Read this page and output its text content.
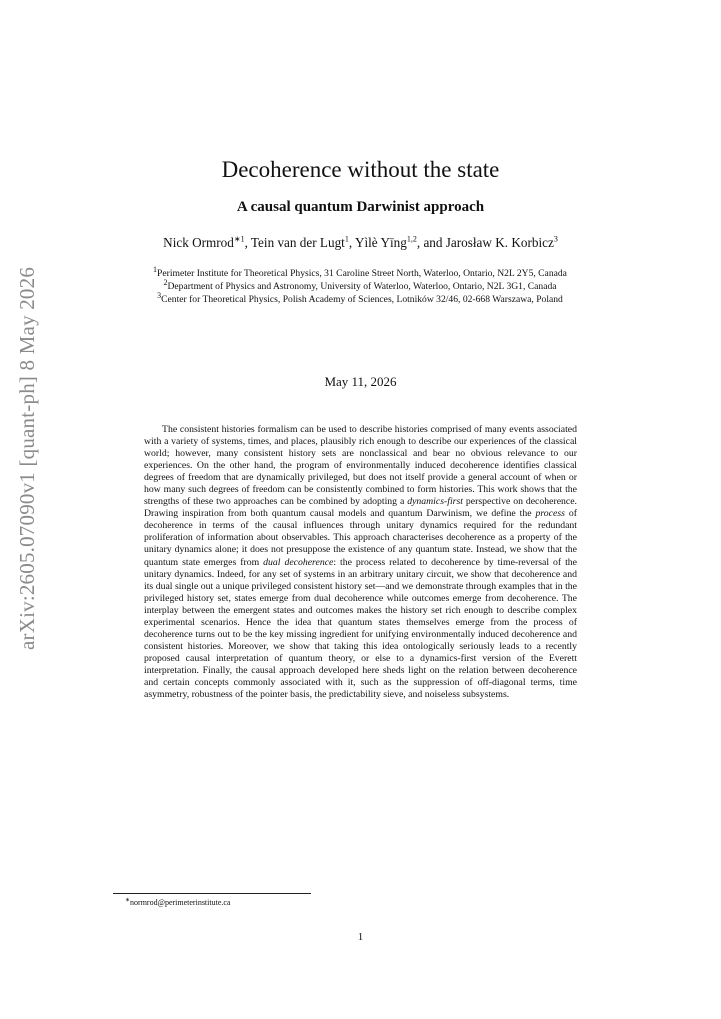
arXiv:2605.07090v1 [quant-ph] 8 May 2026
Decoherence without the state
A causal quantum Darwinist approach
Nick Ormrod$^{∗1}$, Tein van der Lugt$^1$, Yìlè Yīng$^{1,2}$, and Jarosław K. Korbicz$^3$

$^1$Perimeter Institute for Theoretical Physics, 31 Caroline Street North, Waterloo, Ontario, N2L 2Y5, Canada

$^2$Department of Physics and Astronomy, University of Waterloo, Waterloo, Ontario, N2L 3G1, Canada

$^3$Center for Theoretical Physics, Polish Academy of Sciences, Lotników 32/46, 02-668 Warszawa, Poland

May 11, 2026

The consistent histories formalism can be used to describe histories comprised of many events associated with a variety of systems, times, and places, plausibly rich enough to describe our experiences of the classical world; however, many consistent history sets are nonclassical and bear no obvious relevance to our experiences. On the other hand, the program of environmentally induced decoherence identifies classical degrees of freedom that are dynamically privileged, but does not itself provide a general account of when or how many such degrees of freedom can be consistently combined to form histories. This work shows that the strengths of these two approaches can be combined by adopting a dynamics-first perspective on decoherence. Drawing inspiration from both quantum causal models and quantum Darwinism, we define the process of decoherence in terms of the causal influences through unitary dynamics required for the redundant proliferation of information about observables. This approach characterises decoherence as a property of the unitary dynamics alone; it does not presuppose the existence of any quantum state. Instead, we show that the quantum state emerges from dual decoherence: the process related to decoherence by time-reversal of the unitary dynamics. Indeed, for any set of systems in an arbitrary unitary circuit, we show that decoherence and its dual single out a unique privileged consistent history set—and we demonstrate through examples that in the privileged history set, states emerge from dual decoherence while outcomes emerge from decoherence. The interplay between the emergent states and outcomes makes the history set rich enough to describe complex experimental scenarios. Hence the idea that quantum states themselves emerge from the process of decoherence turns out to be the key missing ingredient for unifying environmentally induced decoherence and consistent histories. Moreover, we show that taking this idea ontologically seriously leads to a recently proposed causal interpretation of quantum theory, or else to a dynamics-first version of the Everett interpretation. Finally, the causal approach developed here sheds light on the relation between decoherence and certain concepts commonly associated with it, such as the suppression of off-diagonal terms, time asymmetry, robustness of the pointer basis, the predictability sieve, and noiseless subsystems.

∗normrod@perimeterinstitute.ca
1
